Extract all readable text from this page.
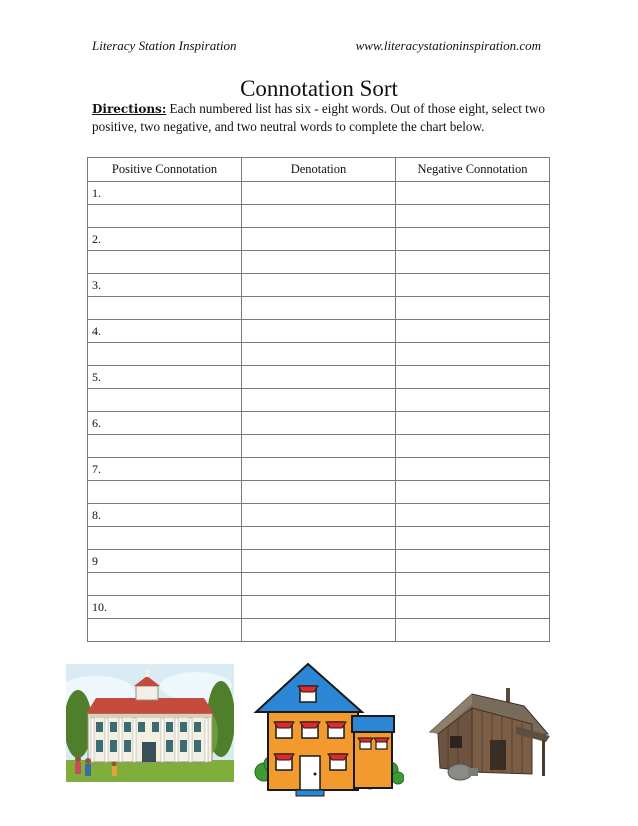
Literacy Station Inspiration	www.literacystationinspiration.com
Connotation Sort
Directions: Each numbered list has six - eight words. Out of those eight, select two positive, two negative, and two neutral words to complete the chart below.
Positive Connotation	Denotation	Negative Connotation
1.		

2.		

3.		

4.		

5.		

6.		

7.		

8.		

9		

10.		
